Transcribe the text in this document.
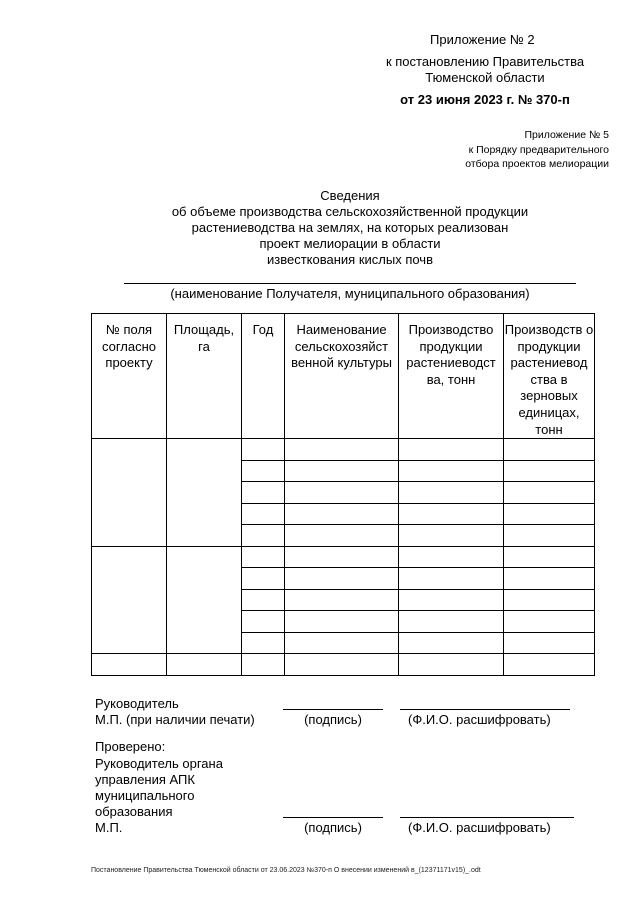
Приложение № 2
к постановлению Правительства
Тюменской области
от 23 июня 2023 г. № 370-п
Приложение № 5
к Порядку предварительного
отбора проектов мелиорации
Сведения
об объеме производства сельскохозяйственной продукции
растениеводства на землях, на которых реализован
проект мелиорации в области
известкования кислых почв
(наименование Получателя, муниципального образования)
№ поля согласно проекту	Площадь, га	Год	Наименование сельскохозяйст венной культуры	Производство продукции растениеводст ва, тонн	Производств о продукции растениевод ства в зерновых единицах, тонн

Руководитель
М.П. (при наличии печати)	(подпись)	(Ф.И.О. расшифровать)
Проверено:
Руководитель органа
управления АПК
муниципального
образования
М.П.	(подпись)	(Ф.И.О. расшифровать)
Постановление Правительства Тюменской области от 23.06.2023 №370-п О внесении изменений в_(12371171v15)_.odt
